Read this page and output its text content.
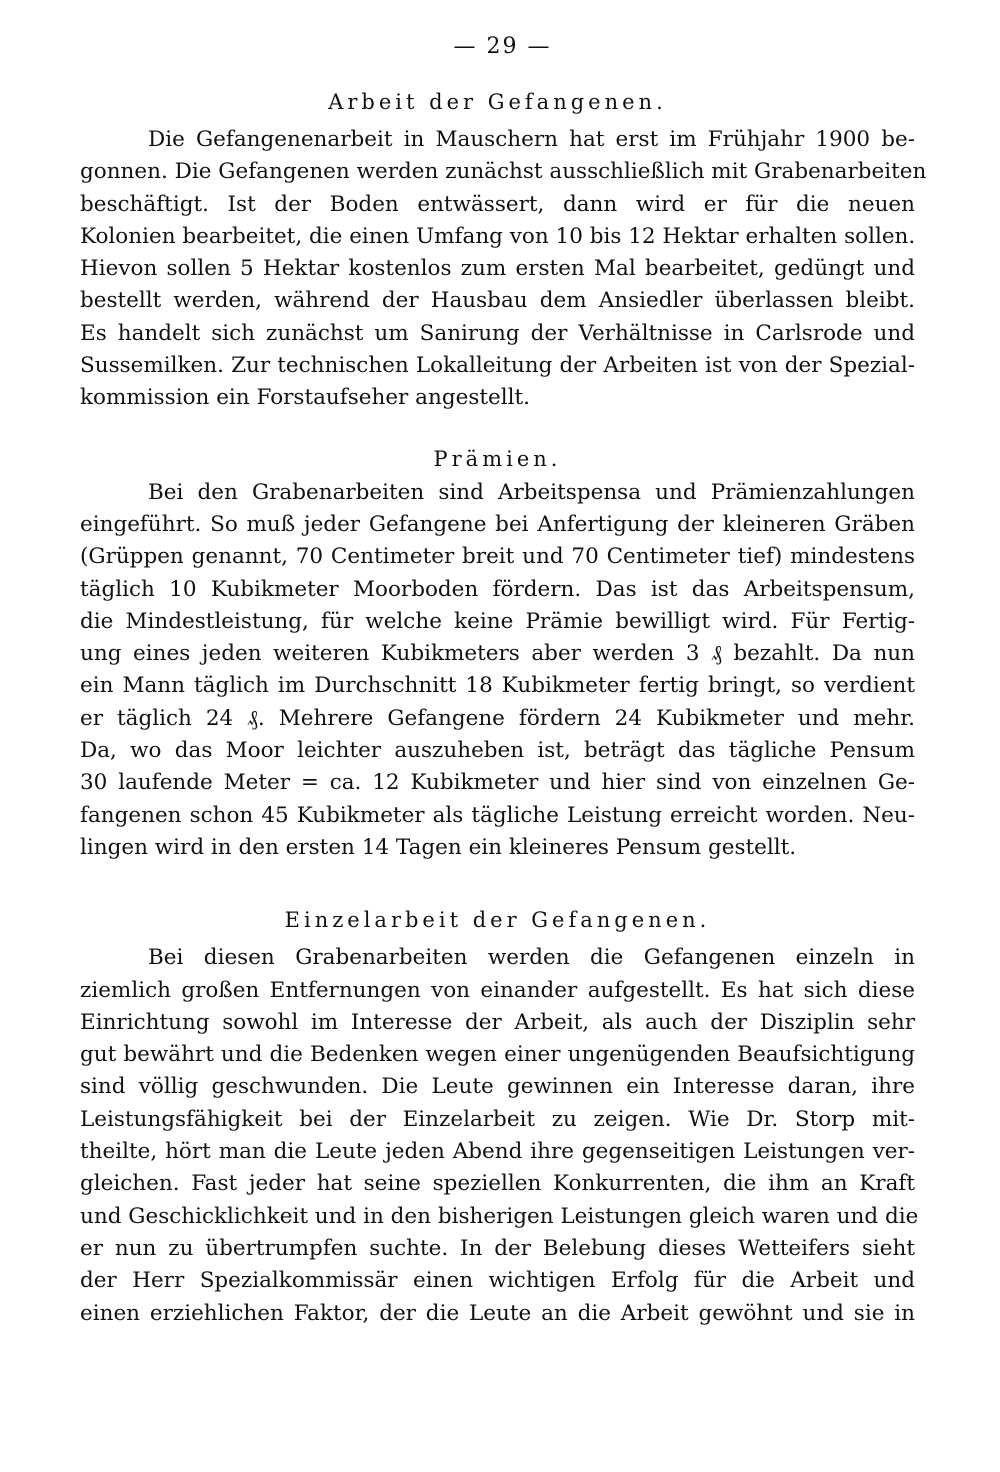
— 29 —
Arbeit der Gefangenen.
Die Gefangenenarbeit in Mauschern hat erst im Frühjahr 1900 be-
gonnen. Die Gefangenen werden zunächst ausschließlich mit Grabenarbeiten
beschäftigt. Ist der Boden entwässert, dann wird er für die neuen
Kolonien bearbeitet, die einen Umfang von 10 bis 12 Hektar erhalten sollen.
Hievon sollen 5 Hektar kostenlos zum ersten Mal bearbeitet, gedüngt und
bestellt werden, während der Hausbau dem Ansiedler überlassen bleibt.
Es handelt sich zunächst um Sanirung der Verhältnisse in Carlsrode und
Sussemilken. Zur technischen Lokalleitung der Arbeiten ist von der Spezial-
kommission ein Forstaufseher angestellt.
Prämien.
Bei den Grabenarbeiten sind Arbeitspensa und Prämienzahlungen
eingeführt. So muß jeder Gefangene bei Anfertigung der kleineren Gräben
(Grüppen genannt, 70 Centimeter breit und 70 Centimeter tief) mindestens
täglich 10 Kubikmeter Moorboden fördern. Das ist das Arbeitspensum,
die Mindestleistung, für welche keine Prämie bewilligt wird. Für Fertig-
ung eines jeden weiteren Kubikmeters aber werden 3 ₰ bezahlt. Da nun
ein Mann täglich im Durchschnitt 18 Kubikmeter fertig bringt, so verdient
er täglich 24 ₰. Mehrere Gefangene fördern 24 Kubikmeter und mehr.
Da, wo das Moor leichter auszuheben ist, beträgt das tägliche Pensum
30 laufende Meter = ca. 12 Kubikmeter und hier sind von einzelnen Ge-
fangenen schon 45 Kubikmeter als tägliche Leistung erreicht worden. Neu-
lingen wird in den ersten 14 Tagen ein kleineres Pensum gestellt.
Einzelarbeit der Gefangenen.
Bei diesen Grabenarbeiten werden die Gefangenen einzeln in
ziemlich großen Entfernungen von einander aufgestellt. Es hat sich diese
Einrichtung sowohl im Interesse der Arbeit, als auch der Disziplin sehr
gut bewährt und die Bedenken wegen einer ungenügenden Beaufsichtigung
sind völlig geschwunden. Die Leute gewinnen ein Interesse daran, ihre
Leistungsfähigkeit bei der Einzelarbeit zu zeigen. Wie Dr. Storp mit-
theilte, hört man die Leute jeden Abend ihre gegenseitigen Leistungen ver-
gleichen. Fast jeder hat seine speziellen Konkurrenten, die ihm an Kraft
und Geschicklichkeit und in den bisherigen Leistungen gleich waren und die
er nun zu übertrumpfen suchte. In der Belebung dieses Wetteifers sieht
der Herr Spezialkommissär einen wichtigen Erfolg für die Arbeit und
einen erziehlichen Faktor, der die Leute an die Arbeit gewöhnt und sie in
